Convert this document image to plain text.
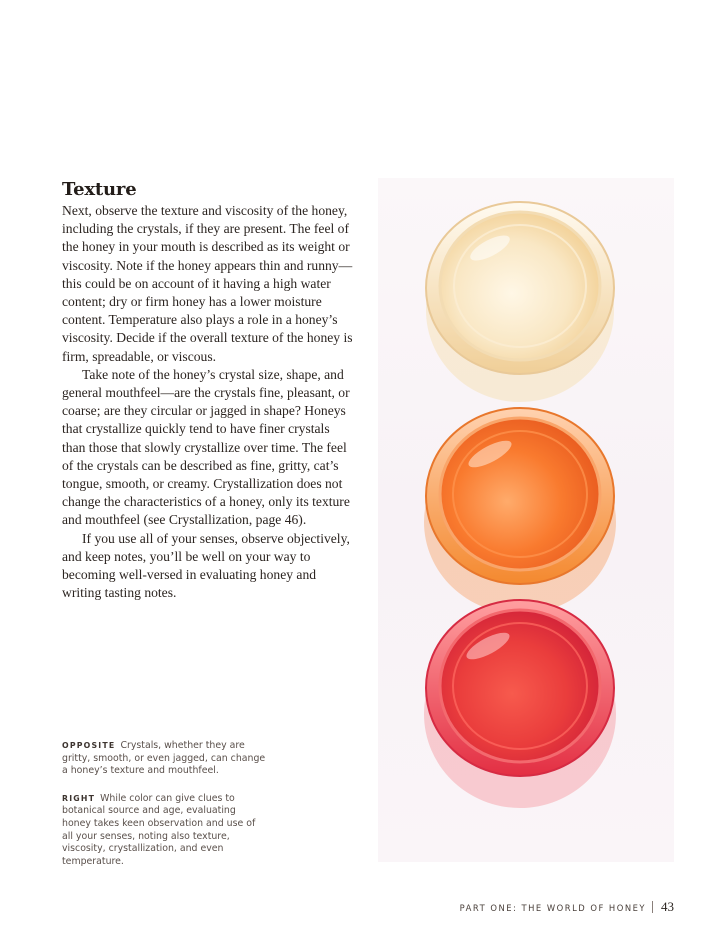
Texture

Next, observe the texture and viscosity of the honey, including the crystals, if they are present. The feel of the honey in your mouth is described as its weight or viscosity. Note if the honey appears thin and runny—this could be on account of it having a high water content; dry or firm honey has a lower moisture content. Temperature also plays a role in a honey’s viscosity. Decide if the overall texture of the honey is firm, spreadable, or viscous.

Take note of the honey’s crystal size, shape, and general mouthfeel—are the crystals fine, pleasant, or coarse; are they circular or jagged in shape? Honeys that crystallize quickly tend to have finer crystals than those that slowly crystallize over time. The feel of the crystals can be described as fine, gritty, cat’s tongue, smooth, or creamy. Crystallization does not change the characteristics of a honey, only its texture and mouthfeel (see Crystallization, page 46).

If you use all of your senses, observe objectively, and keep notes, you’ll be well on your way to becoming well-versed in evaluating honey and writing tasting notes.

OPPOSITE Crystals, whether they are gritty, smooth, or even jagged, can change a honey’s texture and mouthfeel.

RIGHT While color can give clues to botanical source and age, evaluating honey takes keen observation and use of all your senses, noting also texture, viscosity, crystallization, and even temperature.

PART ONE: THE WORLD OF HONEY 43
